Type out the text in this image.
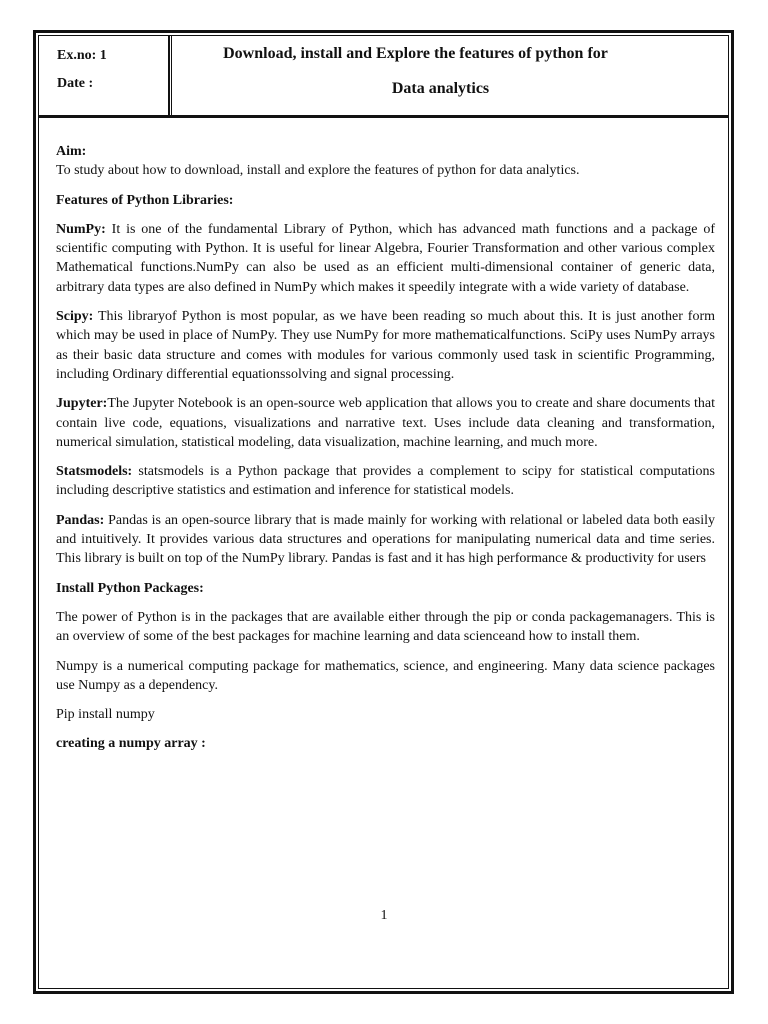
Ex.no: 1
Date :
Download, install and Explore the features of python for
Data analytics

Aim:

To study about how to download, install and explore the features of python for data analytics.

Features of Python Libraries:

NumPy: It is one of the fundamental Library of Python, which has advanced math functions and a package of scientific computing with Python. It is useful for linear Algebra, Fourier Transformation and other various complex Mathematical functions.NumPy can also be used as an efficient multi-dimensional container of generic data, arbitrary data types are also defined in NumPy which makes it speedily integrate with a wide variety of database.

Scipy: This libraryof Python is most popular, as we have been reading so much about this. It is just another form which may be used in place of NumPy. They use NumPy for more mathematicalfunctions. SciPy uses NumPy arrays as their basic data structure and comes with modules for various commonly used task in scientific Programming, including Ordinary differential equationssolving and signal processing.

Jupyter:The Jupyter Notebook is an open-source web application that allows you to create and share documents that contain live code, equations, visualizations and narrative text. Uses include data cleaning and transformation, numerical simulation, statistical modeling, data visualization, machine learning, and much more.

Statsmodels: statsmodels is a Python package that provides a complement to scipy for statistical computations including descriptive statistics and estimation and inference for statistical models.

Pandas: Pandas is an open-source library that is made mainly for working with relational or labeled data both easily and intuitively. It provides various data structures and operations for manipulating numerical data and time series. This library is built on top of the NumPy library. Pandas is fast and it has high performance & productivity for users

Install Python Packages:

The power of Python is in the packages that are available either through the pip or conda packagemanagers. This is an overview of some of the best packages for machine learning and data scienceand how to install them.

Numpy is a numerical computing package for mathematics, science, and engineering. Many data science packages use Numpy as a dependency.

Pip install numpy

creating a numpy array :

1
